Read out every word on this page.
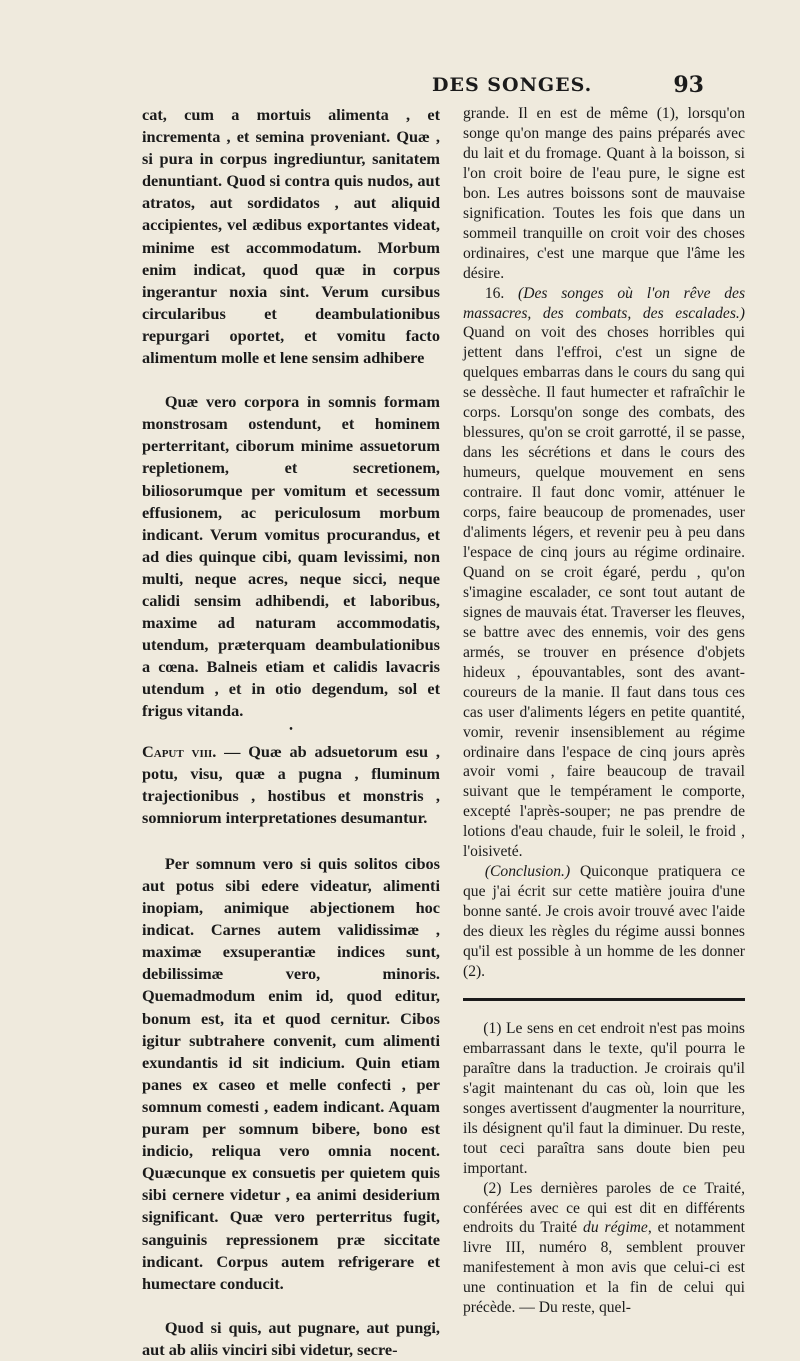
DES SONGES.	93

cat, cum a mortuis alimenta , et incrementa , et semina proveniant. Quæ , si pura in corpus ingrediuntur, sanitatem denuntiant. Quod si contra quis nudos, aut atratos, aut sordidatos , aut aliquid accipientes, vel ædibus exportantes videat, minime est accommodatum. Morbum enim indicat, quod quæ in corpus ingerantur noxia sint. Verum cursibus circularibus et deambulationibus repurgari oportet, et vomitu facto alimentum molle et lene sensim adhibere

Quæ vero corpora in somnis formam monstrosam ostendunt, et hominem perterritant, ciborum minime assuetorum repletionem, et secretionem, biliosorumque per vomitum et secessum effusionem, ac periculosum morbum indicant. Verum vomitus procurandus, et ad dies quinque cibi, quam levissimi, non multi, neque acres, neque sicci, neque calidi sensim adhibendi, et laboribus, maxime ad naturam accommodatis, utendum, præterquam deambulationibus a cœna. Balneis etiam et calidis lavacris utendum , et in otio degendum, sol et frigus vitanda.

•

Caput viii. — Quæ ab adsuetorum esu , potu, visu, quæ a pugna , fluminum trajectionibus , hostibus et monstris , somniorum interpretationes desumantur.

Per somnum vero si quis solitos cibos aut potus sibi edere videatur, alimenti inopiam, animique abjectionem hoc indicat. Carnes autem validissimæ , maximæ exsuperantiæ indices sunt, debilissimæ vero, minoris. Quemadmodum enim id, quod editur, bonum est, ita et quod cernitur. Cibos igitur subtrahere convenit, cum alimenti exundantis id sit indicium. Quin etiam panes ex caseo et melle confecti , per somnum comesti , eadem indicant. Aquam puram per somnum bibere, bono est indicio, reliqua vero omnia nocent. Quæcunque ex consuetis per quietem quis sibi cernere videtur , ea animi desiderium significant. Quæ vero perterritus fugit, sanguinis repressionem præ siccitate indicant. Corpus autem refrigerare et humectare conducit.

Quod si quis, aut pugnare, aut pungi, aut ab aliis vinciri sibi videtur, secre-

grande. Il en est de même (1), lorsqu'on songe qu'on mange des pains préparés avec du lait et du fromage. Quant à la boisson, si l'on croit boire de l'eau pure, le signe est bon. Les autres boissons sont de mauvaise signification. Toutes les fois que dans un sommeil tranquille on croit voir des choses ordinaires, c'est une marque que l'âme les désire.

16. (Des songes où l'on rêve des massacres, des combats, des escalades.) Quand on voit des choses horribles qui jettent dans l'effroi, c'est un signe de quelques embarras dans le cours du sang qui se dessèche. Il faut humecter et rafraîchir le corps. Lorsqu'on songe des combats, des blessures, qu'on se croit garrotté, il se passe, dans les sécrétions et dans le cours des humeurs, quelque mouvement en sens contraire. Il faut donc vomir, atténuer le corps, faire beaucoup de promenades, user d'aliments légers, et revenir peu à peu dans l'espace de cinq jours au régime ordinaire. Quand on se croit égaré, perdu , qu'on s'imagine escalader, ce sont tout autant de signes de mauvais état. Traverser les fleuves, se battre avec des ennemis, voir des gens armés, se trouver en présence d'objets hideux , épouvantables, sont des avant-coureurs de la manie. Il faut dans tous ces cas user d'aliments légers en petite quantité, vomir, revenir insensiblement au régime ordinaire dans l'espace de cinq jours après avoir vomi , faire beaucoup de travail suivant que le tempérament le comporte, excepté l'après-souper; ne pas prendre de lotions d'eau chaude, fuir le soleil, le froid , l'oisiveté.

(Conclusion.) Quiconque pratiquera ce que j'ai écrit sur cette matière jouira d'une bonne santé. Je crois avoir trouvé avec l'aide des dieux les règles du régime aussi bonnes qu'il est possible à un homme de les donner (2).

(1) Le sens en cet endroit n'est pas moins embarrassant dans le texte, qu'il pourra le paraître dans la traduction. Je croirais qu'il s'agit maintenant du cas où, loin que les songes avertissent d'augmenter la nourriture, ils désignent qu'il faut la diminuer. Du reste, tout ceci paraîtra sans doute bien peu important.

(2) Les dernières paroles de ce Traité, conférées avec ce qui est dit en différents endroits du Traité du régime, et notamment livre III, numéro 8, semblent prouver manifestement à mon avis que celui-ci est une continuation et la fin de celui qui précède. — Du reste, quel-
